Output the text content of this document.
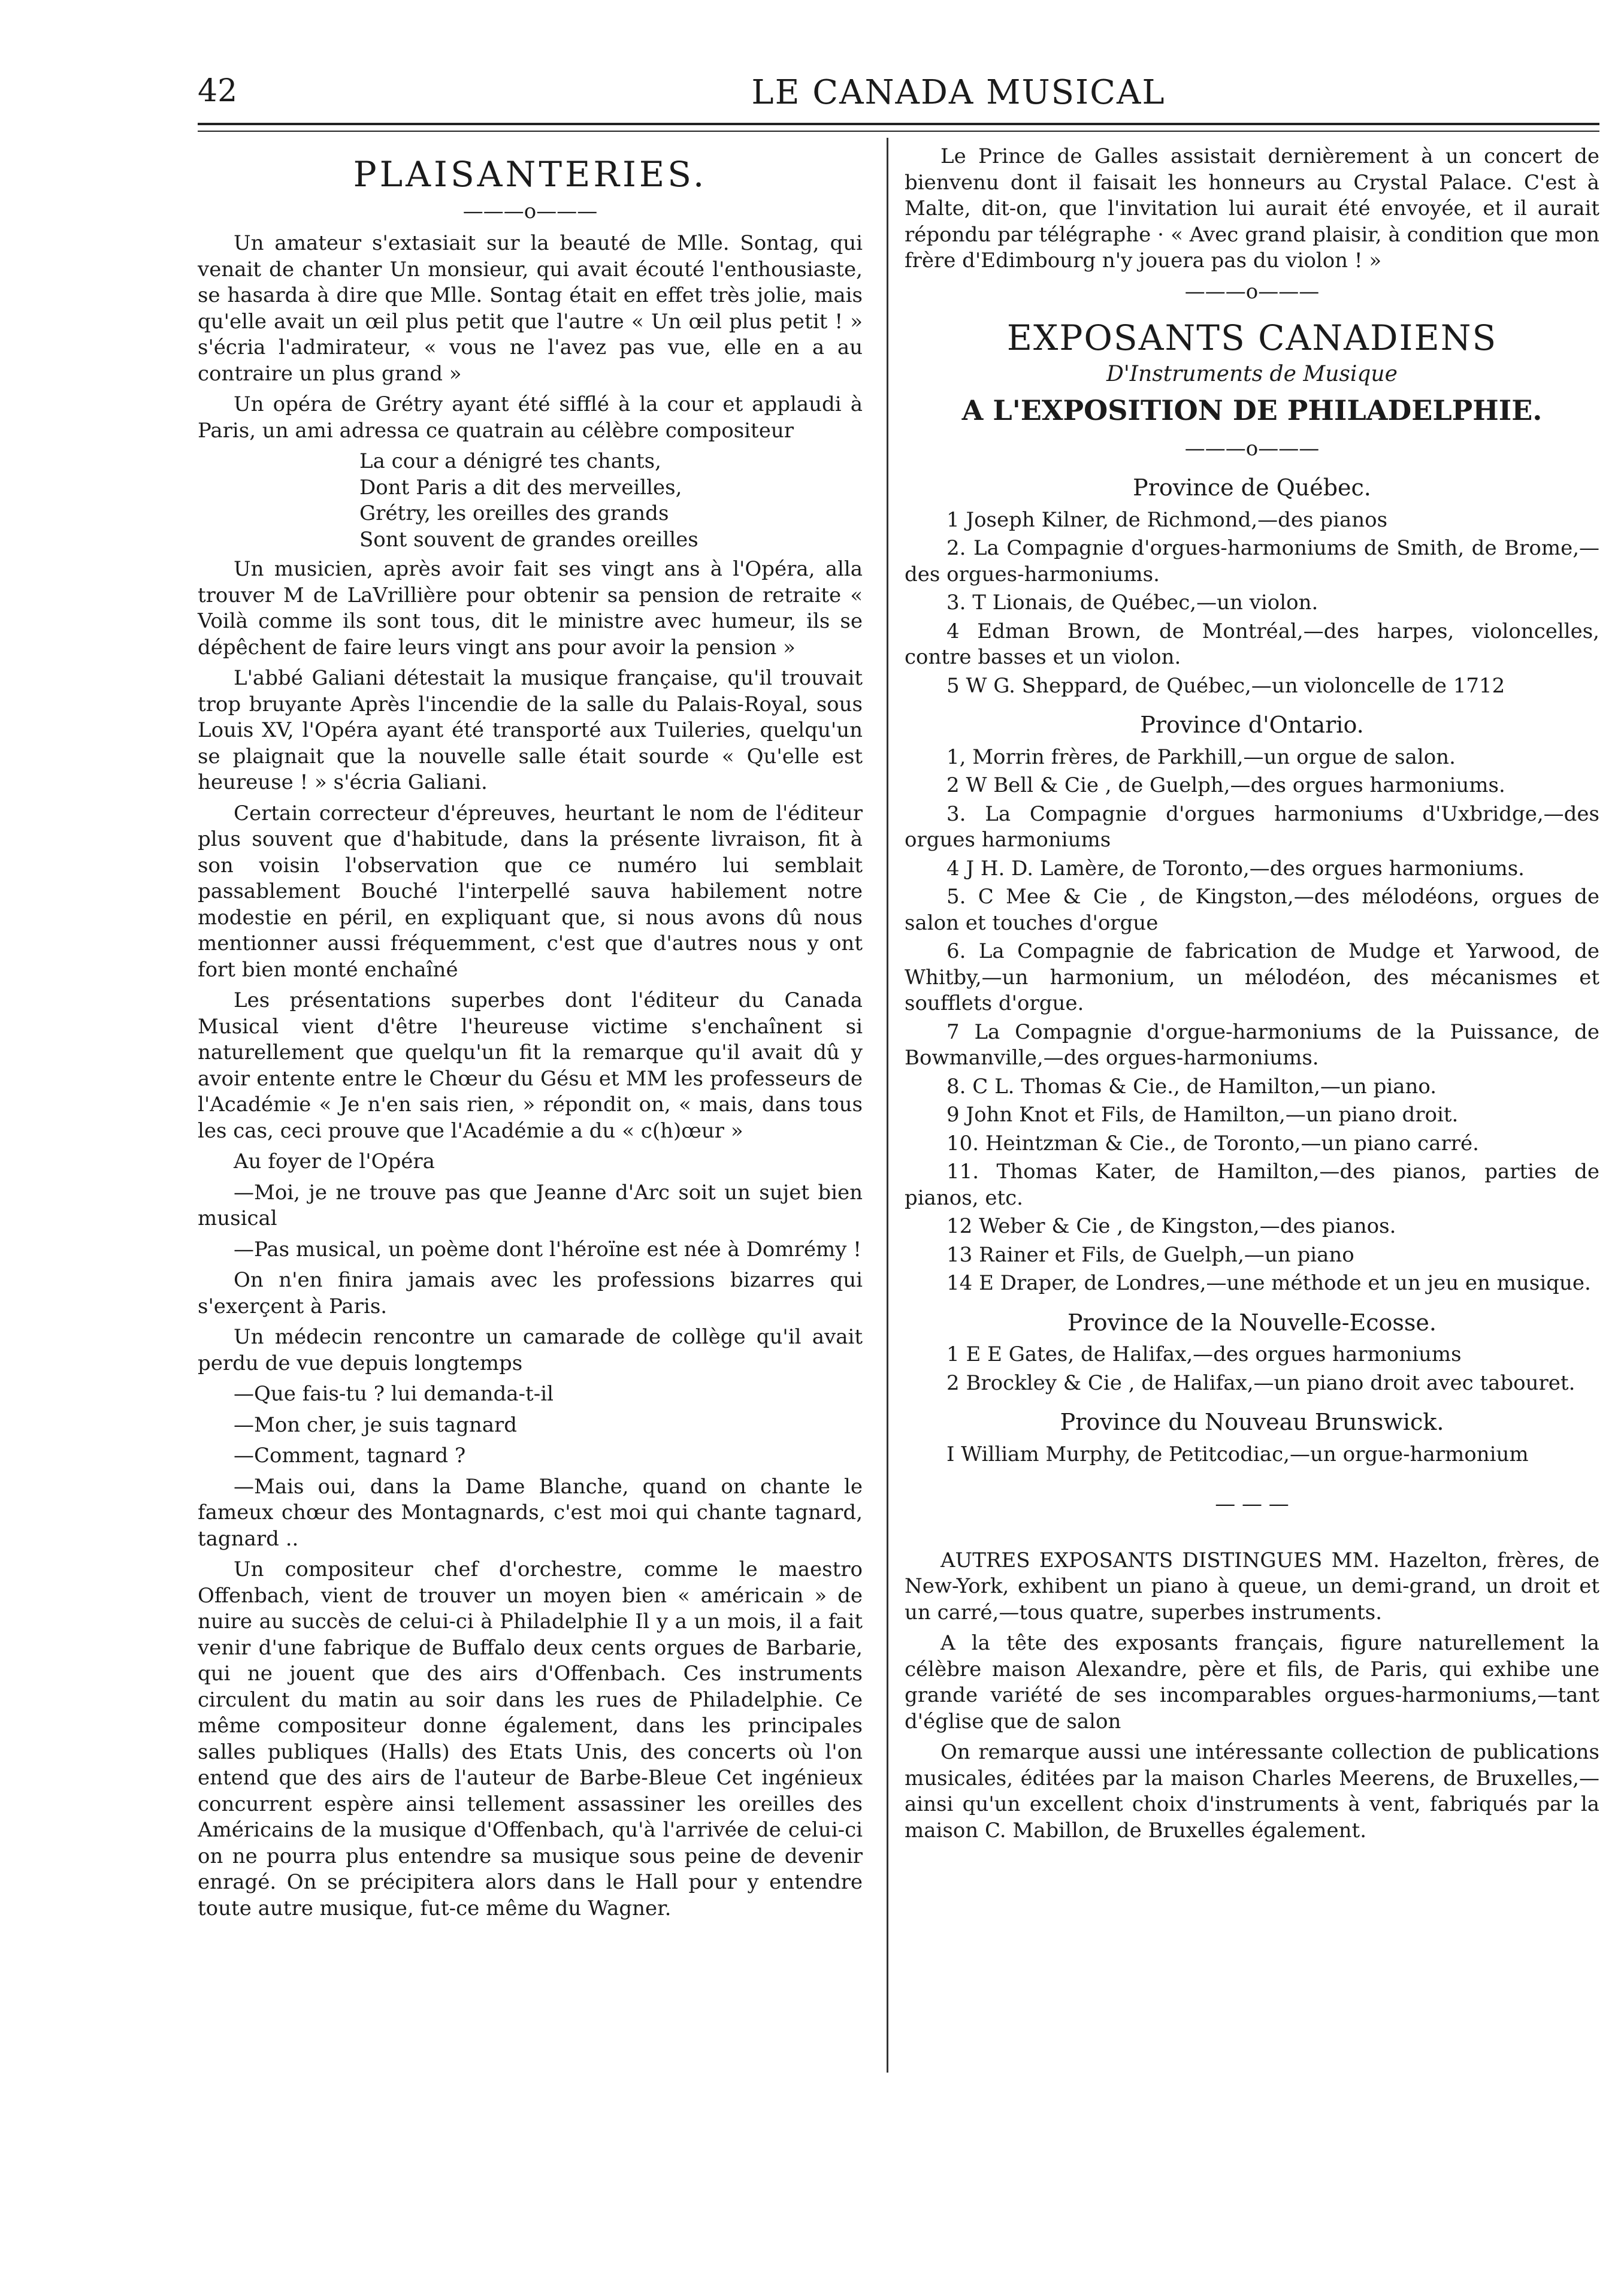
42	LE CANADA MUSICAL
PLAISANTERIES.
———o———

Un amateur s'extasiait sur la beauté de Mlle. Sontag, qui venait de chanter Un monsieur, qui avait écouté l'enthousiaste, se hasarda à dire que Mlle. Sontag était en effet très jolie, mais qu'elle avait un œil plus petit que l'autre « Un œil plus petit ! » s'écria l'admirateur, « vous ne l'avez pas vue, elle en a au contraire un plus grand »

Un opéra de Grétry ayant été sifflé à la cour et applaudi à Paris, un ami adressa ce quatrain au célèbre compositeur

La cour a dénigré tes chants,
Dont Paris a dit des merveilles,
Grétry, les oreilles des grands
Sont souvent de grandes oreilles

Un musicien, après avoir fait ses vingt ans à l'Opéra, alla trouver M de LaVrillière pour obtenir sa pension de retraite « Voilà comme ils sont tous, dit le ministre avec humeur, ils se dépêchent de faire leurs vingt ans pour avoir la pension »

L'abbé Galiani détestait la musique française, qu'il trouvait trop bruyante Après l'incendie de la salle du Palais-Royal, sous Louis XV, l'Opéra ayant été transporté aux Tuileries, quelqu'un se plaignait que la nouvelle salle était sourde « Qu'elle est heureuse ! » s'écria Galiani.

Certain correcteur d'épreuves, heurtant le nom de l'éditeur plus souvent que d'habitude, dans la présente livraison, fit à son voisin l'observation que ce numéro lui semblait passablement Bouché l'interpellé sauva habilement notre modestie en péril, en expliquant que, si nous avons dû nous mentionner aussi fréquemment, c'est que d'autres nous y ont fort bien monté enchaîné

Les présentations superbes dont l'éditeur du Canada Musical vient d'être l'heureuse victime s'enchaînent si naturellement que quelqu'un fit la remarque qu'il avait dû y avoir entente entre le Chœur du Gésu et MM les professeurs de l'Académie « Je n'en sais rien, » répondit on, « mais, dans tous les cas, ceci prouve que l'Académie a du « c(h)œur »

Au foyer de l'Opéra

—Moi, je ne trouve pas que Jeanne d'Arc soit un sujet bien musical

—Pas musical, un poème dont l'héroïne est née à Domrémy !

On n'en finira jamais avec les professions bizarres qui s'exerçent à Paris.

Un médecin rencontre un camarade de collège qu'il avait perdu de vue depuis longtemps

—Que fais-tu ? lui demanda-t-il

—Mon cher, je suis tagnard

—Comment, tagnard ?

—Mais oui, dans la Dame Blanche, quand on chante le fameux chœur des Montagnards, c'est moi qui chante tagnard, tagnard ..

Un compositeur chef d'orchestre, comme le maestro Offenbach, vient de trouver un moyen bien « américain » de nuire au succès de celui-ci à Philadelphie Il y a un mois, il a fait venir d'une fabrique de Buffalo deux cents orgues de Barbarie, qui ne jouent que des airs d'Offenbach. Ces instruments circulent du matin au soir dans les rues de Philadelphie. Ce même compositeur donne également, dans les principales salles publiques (Halls) des Etats Unis, des concerts où l'on entend que des airs de l'auteur de Barbe-Bleue Cet ingénieux concurrent espère ainsi tellement assassiner les oreilles des Américains de la musique d'Offenbach, qu'à l'arrivée de celui-ci on ne pourra plus entendre sa musique sous peine de devenir enragé. On se précipitera alors dans le Hall pour y entendre toute autre musique, fut-ce même du Wagner.

Le Prince de Galles assistait dernièrement à un concert de bienvenu dont il faisait les honneurs au Crystal Palace. C'est à Malte, dit-on, que l'invitation lui aurait été envoyée, et il aurait répondu par télégraphe · « Avec grand plaisir, à condition que mon frère d'Edimbourg n'y jouera pas du violon ! »

———o———
EXPOSANTS CANADIENS
D'Instruments de Musique
A L'EXPOSITION DE PHILADELPHIE.
———o———
Province de Québec.

1 Joseph Kilner, de Richmond,—des pianos

2. La Compagnie d'orgues-harmoniums de Smith, de Brome,—des orgues-harmoniums.

3. T Lionais, de Québec,—un violon.

4 Edman Brown, de Montréal,—des harpes, violoncelles, contre basses et un violon.

5 W G. Sheppard, de Québec,—un violoncelle de 1712

Province d'Ontario.

1, Morrin frères, de Parkhill,—un orgue de salon.

2 W Bell & Cie , de Guelph,—des orgues harmoniums.

3. La Compagnie d'orgues harmoniums d'Uxbridge,—des orgues harmoniums

4 J H. D. Lamère, de Toronto,—des orgues harmoniums.

5. C Mee & Cie , de Kingston,—des mélodéons, orgues de salon et touches d'orgue

6. La Compagnie de fabrication de Mudge et Yarwood, de Whitby,—un harmonium, un mélodéon, des mécanismes et soufflets d'orgue.

7 La Compagnie d'orgue-harmoniums de la Puissance, de Bowmanville,—des orgues-harmoniums.

8. C L. Thomas & Cie., de Hamilton,—un piano.

9 John Knot et Fils, de Hamilton,—un piano droit.

10. Heintzman & Cie., de Toronto,—un piano carré.

11. Thomas Kater, de Hamilton,—des pianos, parties de pianos, etc.

12 Weber & Cie , de Kingston,—des pianos.

13 Rainer et Fils, de Guelph,—un piano

14 E Draper, de Londres,—une méthode et un jeu en musique.

Province de la Nouvelle-Ecosse.

1 E E Gates, de Halifax,—des orgues harmoniums

2 Brockley & Cie , de Halifax,—un piano droit avec tabouret.

Province du Nouveau Brunswick.

I William Murphy, de Petitcodiac,—un orgue-harmonium

— — —

AUTRES EXPOSANTS DISTINGUES MM. Hazelton, frères, de New-York, exhibent un piano à queue, un demi-grand, un droit et un carré,—tous quatre, superbes instruments.

A la tête des exposants français, figure naturellement la célèbre maison Alexandre, père et fils, de Paris, qui exhibe une grande variété de ses incomparables orgues-harmoniums,—tant d'église que de salon

On remarque aussi une intéressante collection de publications musicales, éditées par la maison Charles Meerens, de Bruxelles,—ainsi qu'un excellent choix d'instruments à vent, fabriqués par la maison C. Mabillon, de Bruxelles également.
